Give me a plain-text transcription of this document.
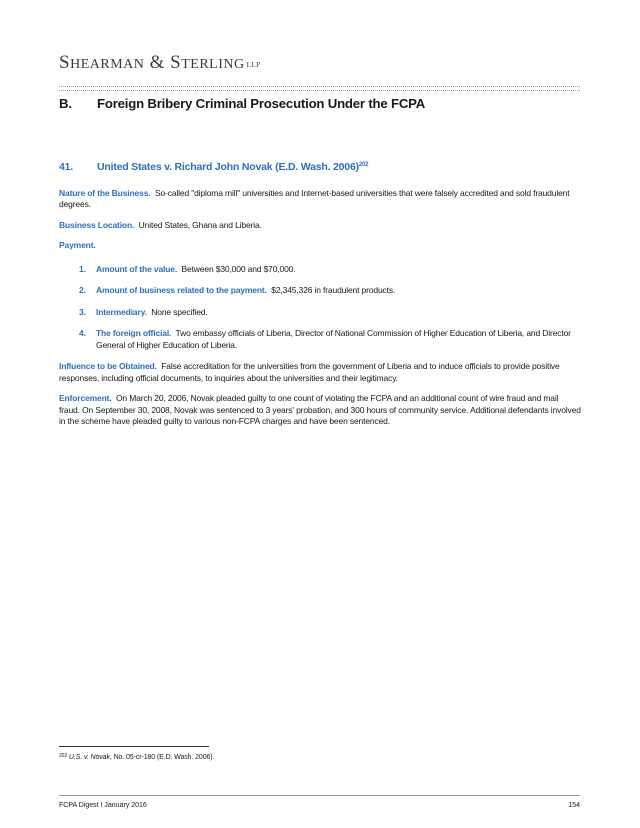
SHEARMAN & STERLING LLP
B. Foreign Bribery Criminal Prosecution Under the FCPA
41. United States v. Richard John Novak (E.D. Wash. 2006)$^{202}$

Nature of the Business. So-called "diploma mill" universities and Internet-based universities that were falsely accredited and sold fraudulent degrees.

Business Location. United States, Ghana and Liberia.

Payment.

1. Amount of the value. Between $30,000 and $70,000.
2. Amount of business related to the payment. $2,345,326 in fraudulent products.
3. Intermediary. None specified.
4. The foreign official. Two embassy officials of Liberia, Director of National Commission of Higher Education of Liberia, and Director General of Higher Education of Liberia.

Influence to be Obtained. False accreditation for the universities from the government of Liberia and to induce officials to provide positive responses, including official documents, to inquiries about the universities and their legitimacy.

Enforcement. On March 20, 2006, Novak pleaded guilty to one count of violating the FCPA and an additional count of wire fraud and mail fraud. On September 30, 2008, Novak was sentenced to 3 years' probation, and 300 hours of community service. Additional defendants involved in the scheme have pleaded guilty to various non-FCPA charges and have been sentenced.

$^{202}$ U.S. v. Novak, No. 05-cr-180 (E.D. Wash. 2006).
FCPA Digest I January 2016	154
